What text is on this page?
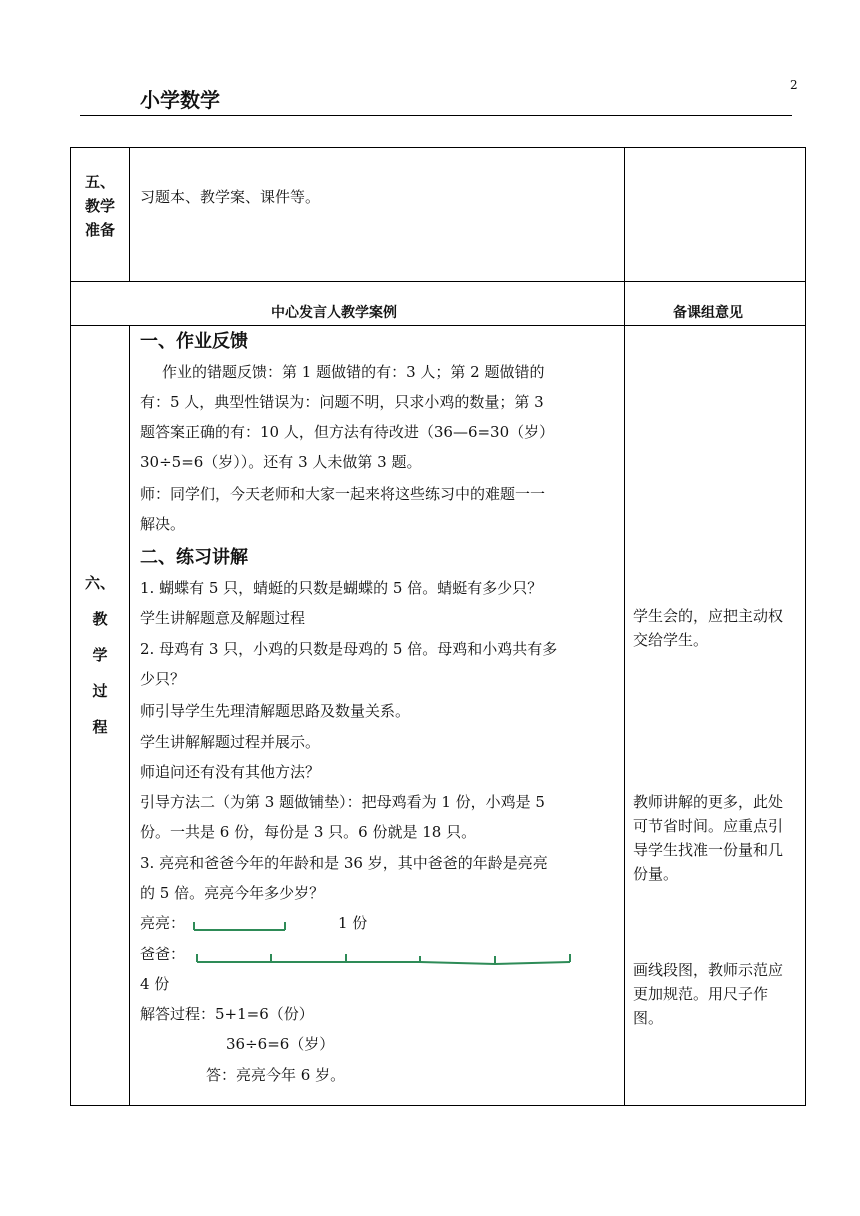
小学数学
2
五、
教学
准备
习题本、教学案、课件等。
中心发言人教学案例	备课组意见
六、
教
学
过
程
一、作业反馈
作业的错题反馈：第 1 题做错的有：3 人；第 2 题做错的
有：5 人，典型性错误为：问题不明，只求小鸡的数量；第 3
题答案正确的有：10 人，但方法有待改进（36—6=30（岁）
30÷5=6（岁））。还有 3 人未做第 3 题。
师：同学们，今天老师和大家一起来将这些练习中的难题一一
解决。
二、练习讲解
1. 蝴蝶有 5 只，蜻蜓的只数是蝴蝶的 5 倍。蜻蜓有多少只？
学生讲解题意及解题过程
2. 母鸡有 3 只，小鸡的只数是母鸡的 5 倍。母鸡和小鸡共有多
少只？
师引导学生先理清解题思路及数量关系。
学生讲解解题过程并展示。
师追问还有没有其他方法？
引导方法二（为第 3 题做铺垫）：把母鸡看为 1 份，小鸡是 5
份。一共是 6 份，每份是 3 只。6 份就是 18 只。
3. 亮亮和爸爸今年的年龄和是 36 岁，其中爸爸的年龄是亮亮
的 5 倍。亮亮今年多少岁？
亮亮：	1 份
爸爸：
4 份
解答过程：5+1=6（份）
36÷6=6（岁）
答：亮亮今年 6 岁。
学生会的，应把主动权交给学生。
教师讲解的更多，此处可节省时间。应重点引导学生找准一份量和几份量。
画线段图，教师示范应更加规范。用尺子作图。
